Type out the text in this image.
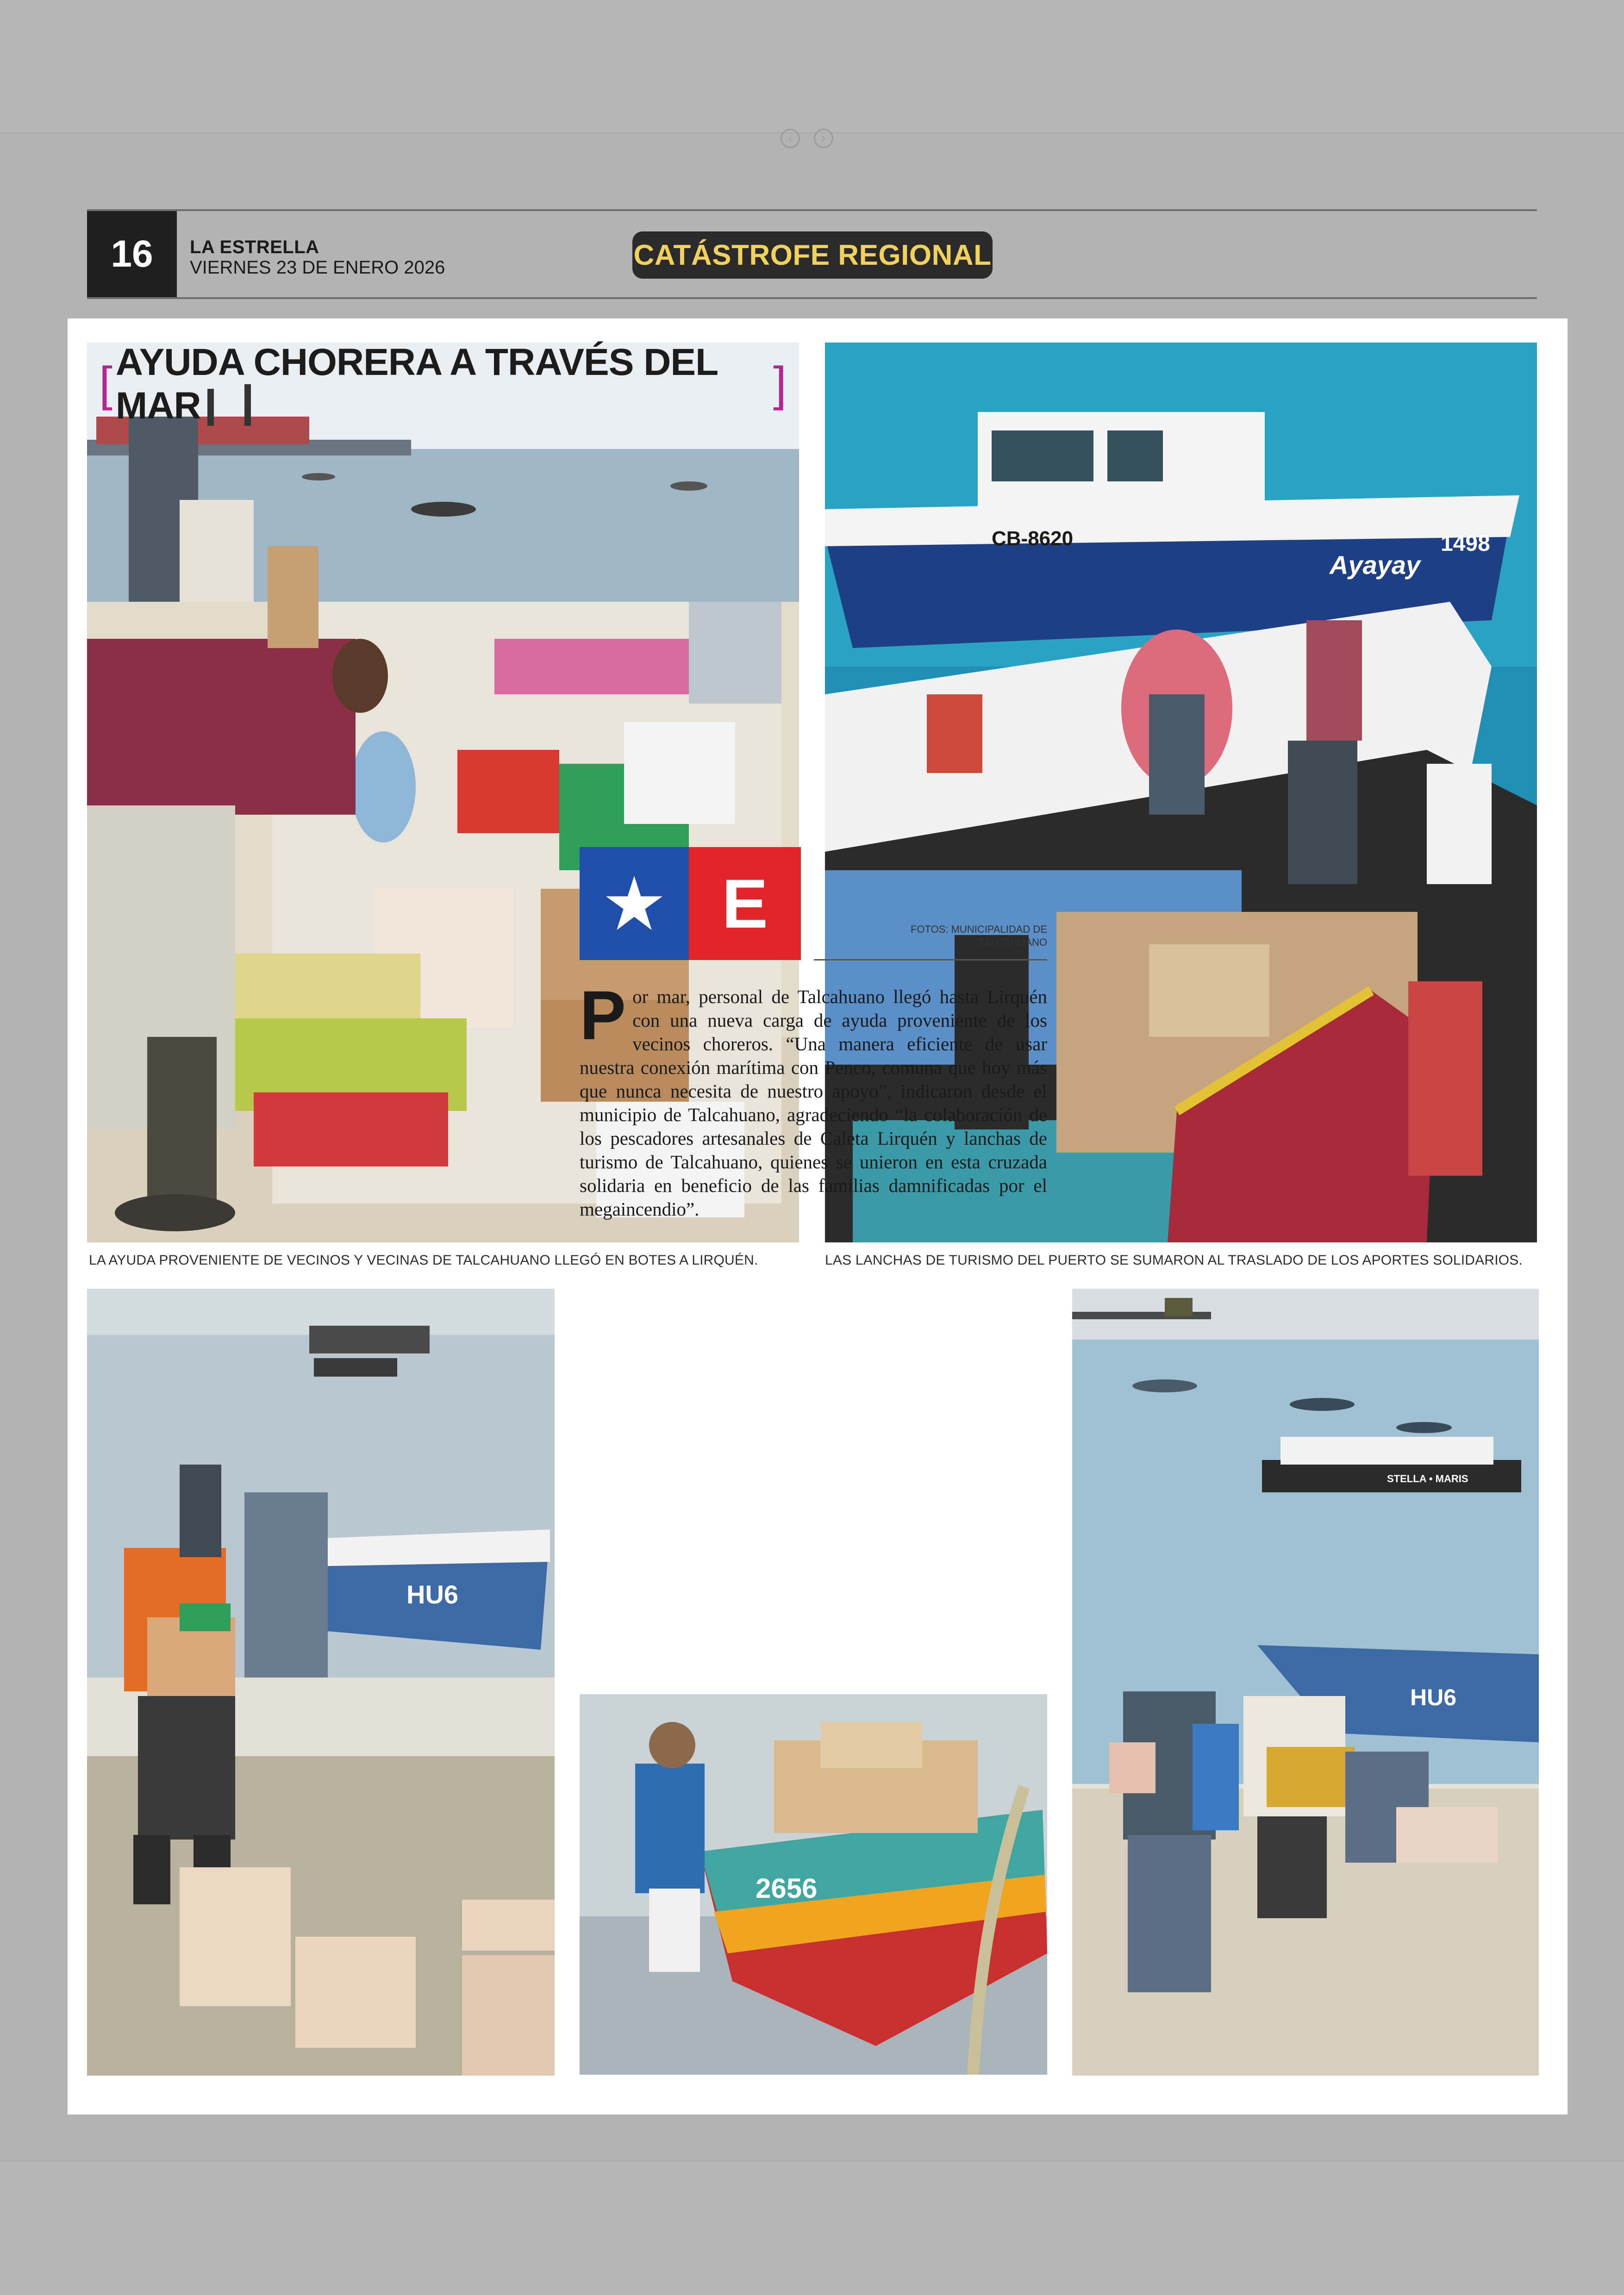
‹	›
16	LA ESTRELLA
VIERNES 23 DE ENERO 2026	CATÁSTROFE REGIONAL
[ AYUDA CHORERA A TRAVÉS DEL MAR	]
CB-8620
Ayayay
1498
LA AYUDA PROVENIENTE DE VECINOS Y VECINAS DE TALCAHUANO LLEGÓ EN BOTES A LIRQUÉN.	LAS LANCHAS DE TURISMO DEL PUERTO SE SUMARON AL TRASLADO DE LOS APORTES SOLIDARIOS.
HU6
E	FOTOS: MUNICIPALIDAD DE
TALCAHUANO
Por mar, personal de Talcahuano llegó hasta Lirquén con una nueva carga de ayuda proveniente de los vecinos choreros. “Una manera eficiente de usar nuestra conexión marítima con Penco, comuna que hoy más que nunca necesita de nuestro apoyo”, indicaron desde el municipio de Talcahuano, agradeciendo “la colaboración de los pescadores artesanales de Caleta Lirquén y lanchas de turismo de Talcahuano, quienes se unieron en esta cruzada solidaria en beneficio de las familias damnificadas por el megaincendio”.
2656
STELLA • MARIS
HU6
